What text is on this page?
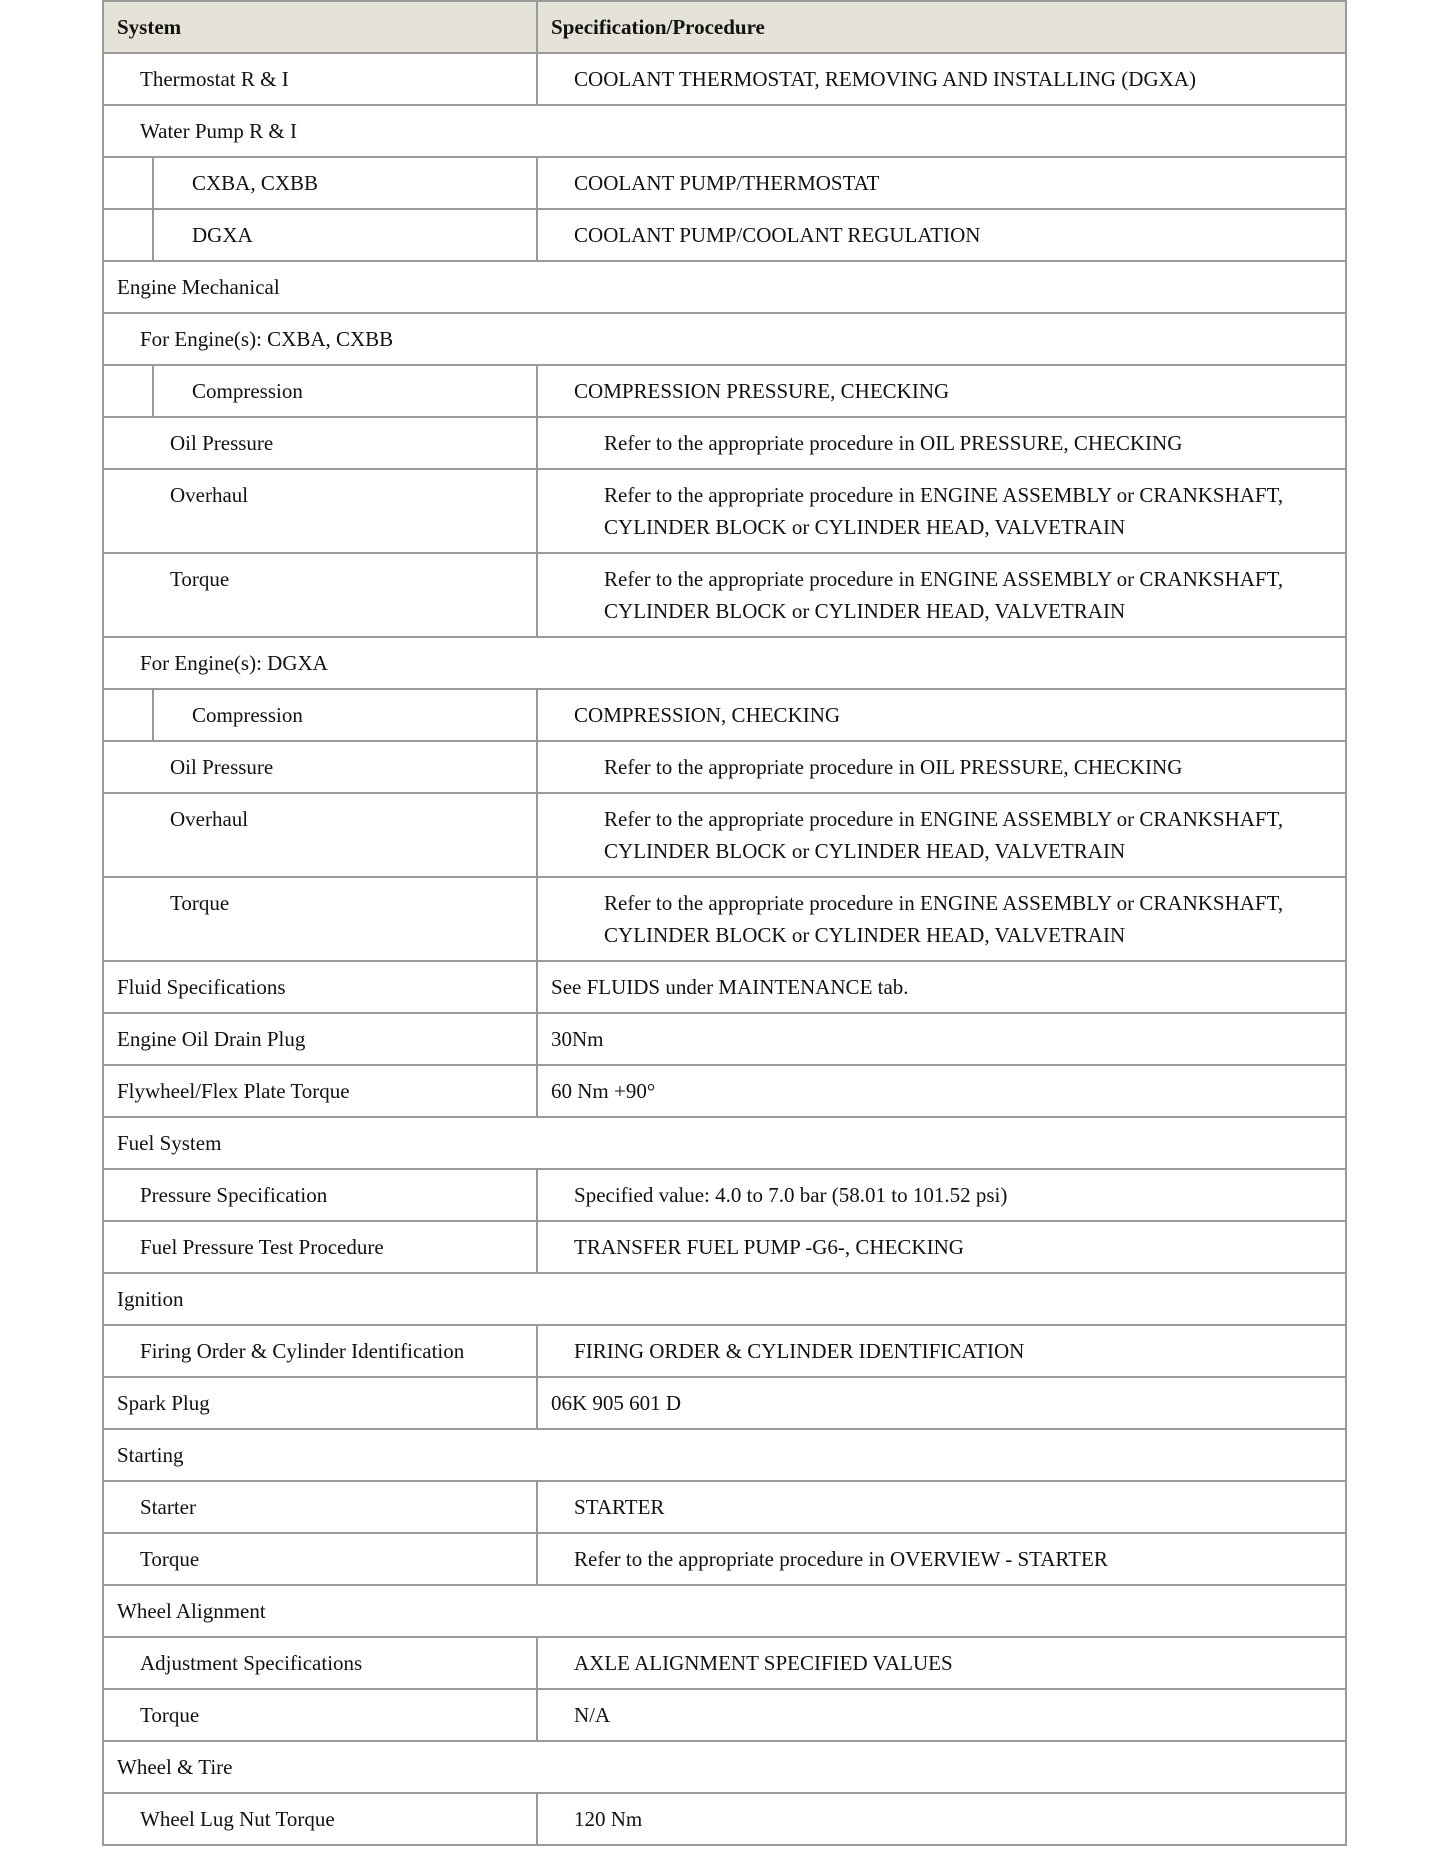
System		Specification/Procedure
Thermostat R & I		COOLANT THERMOSTAT, REMOVING AND INSTALLING (DGXA)
Water Pump R & I		
	CXBA, CXBB	COOLANT PUMP/THERMOSTAT
	DGXA	COOLANT PUMP/COOLANT REGULATION
Engine Mechanical		
For Engine(s): CXBA, CXBB		
	Compression	COMPRESSION PRESSURE, CHECKING
Oil Pressure		Refer to the appropriate procedure in OIL PRESSURE, CHECKING
Overhaul		Refer to the appropriate procedure in ENGINE ASSEMBLY or CRANKSHAFT, CYLINDER BLOCK or CYLINDER HEAD, VALVETRAIN
Torque		Refer to the appropriate procedure in ENGINE ASSEMBLY or CRANKSHAFT, CYLINDER BLOCK or CYLINDER HEAD, VALVETRAIN
For Engine(s): DGXA		
	Compression	COMPRESSION, CHECKING
Oil Pressure		Refer to the appropriate procedure in OIL PRESSURE, CHECKING
Overhaul		Refer to the appropriate procedure in ENGINE ASSEMBLY or CRANKSHAFT, CYLINDER BLOCK or CYLINDER HEAD, VALVETRAIN
Torque		Refer to the appropriate procedure in ENGINE ASSEMBLY or CRANKSHAFT, CYLINDER BLOCK or CYLINDER HEAD, VALVETRAIN
Fluid Specifications		See FLUIDS under MAINTENANCE tab.
Engine Oil Drain Plug		30Nm
Flywheel/Flex Plate Torque		60 Nm +90°
Fuel System		
Pressure Specification		Specified value: 4.0 to 7.0 bar (58.01 to 101.52 psi)
Fuel Pressure Test Procedure		TRANSFER FUEL PUMP -G6-, CHECKING
Ignition		
Firing Order & Cylinder Identification		FIRING ORDER & CYLINDER IDENTIFICATION
Spark Plug		06K 905 601 D
Starting		
Starter		STARTER
Torque		Refer to the appropriate procedure in OVERVIEW - STARTER
Wheel Alignment		
Adjustment Specifications		AXLE ALIGNMENT SPECIFIED VALUES
Torque		N/A
Wheel & Tire		
Wheel Lug Nut Torque		120 Nm
